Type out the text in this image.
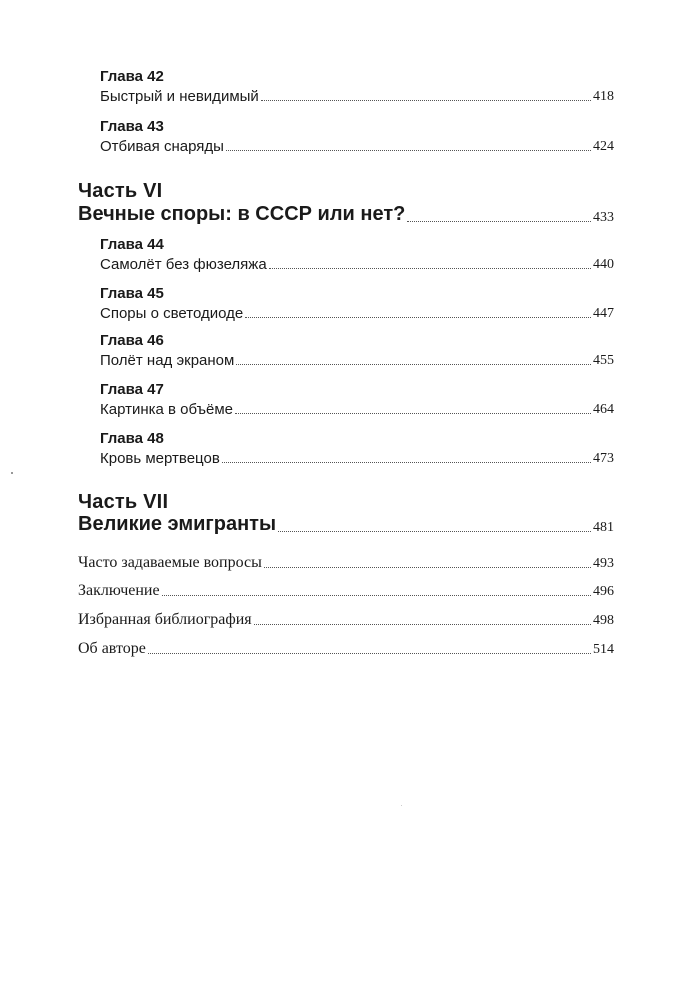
Глава 42
Быстрый и невидимый	418
Глава 43
Отбивая снаряды	424
Часть VI
Вечные споры: в СССР или нет?	433
Глава 44
Самолёт без фюзеляжа	440
Глава 45
Споры о светодиоде	447
Глава 46
Полёт над экраном	455
Глава 47
Картинка в объёме	464
Глава 48
Кровь мертвецов	473
Часть VII
Великие эмигранты	481
Часто задаваемые вопросы	493
Заключение	496
Избранная библиография	498
Об авторе	514
